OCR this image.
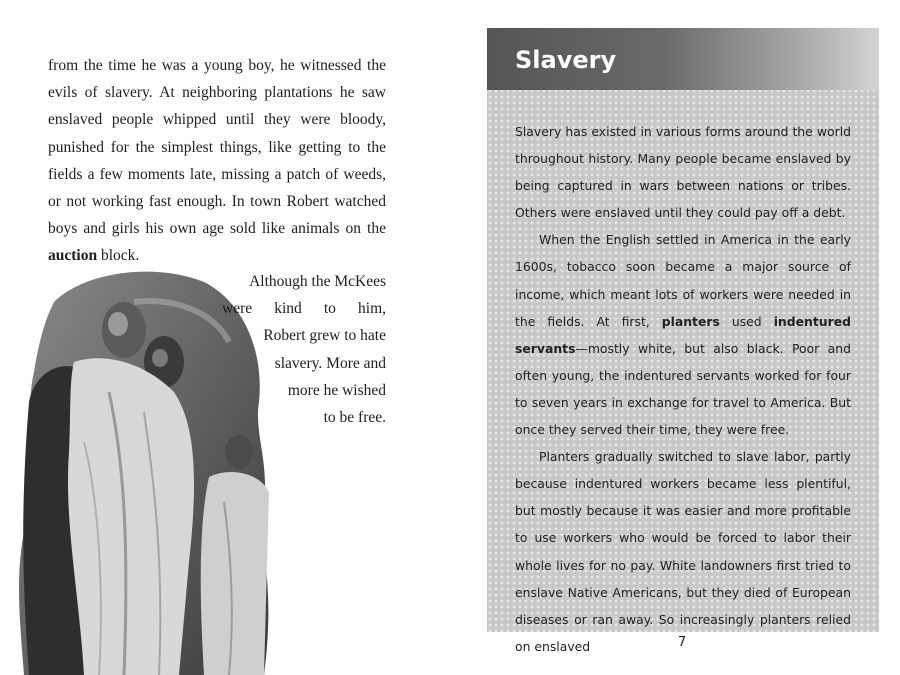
from the time he was a young boy, he witnessed the evils of slavery. At neighboring plantations he saw enslaved people whipped until they were bloody, punished for the simplest things, like getting to the fields a few moments late, missing a patch of weeds, or not working fast enough. In town Robert watched boys and girls his own age sold like animals on the auction block.

Although the McKees
were kind to him,
Robert grew to hate
slavery. More and
more he wished
to be free.
Slavery

Slavery has existed in various forms around the world throughout history. Many people became enslaved by being captured in wars between nations or tribes. Others were enslaved until they could pay off a debt.

When the English settled in America in the early 1600s, tobacco soon became a major source of income, which meant lots of workers were needed in the fields. At first, planters used indentured servants—mostly white, but also black. Poor and often young, the indentured servants worked for four to seven years in exchange for travel to America. But once they served their time, they were free.

Planters gradually switched to slave labor, partly because indentured workers became less plentiful, but mostly because it was easier and more profitable to use workers who would be forced to labor their whole lives for no pay. White landowners first tried to enslave Native Americans, but they died of European diseases or ran away. So increasingly planters relied on enslaved	7
